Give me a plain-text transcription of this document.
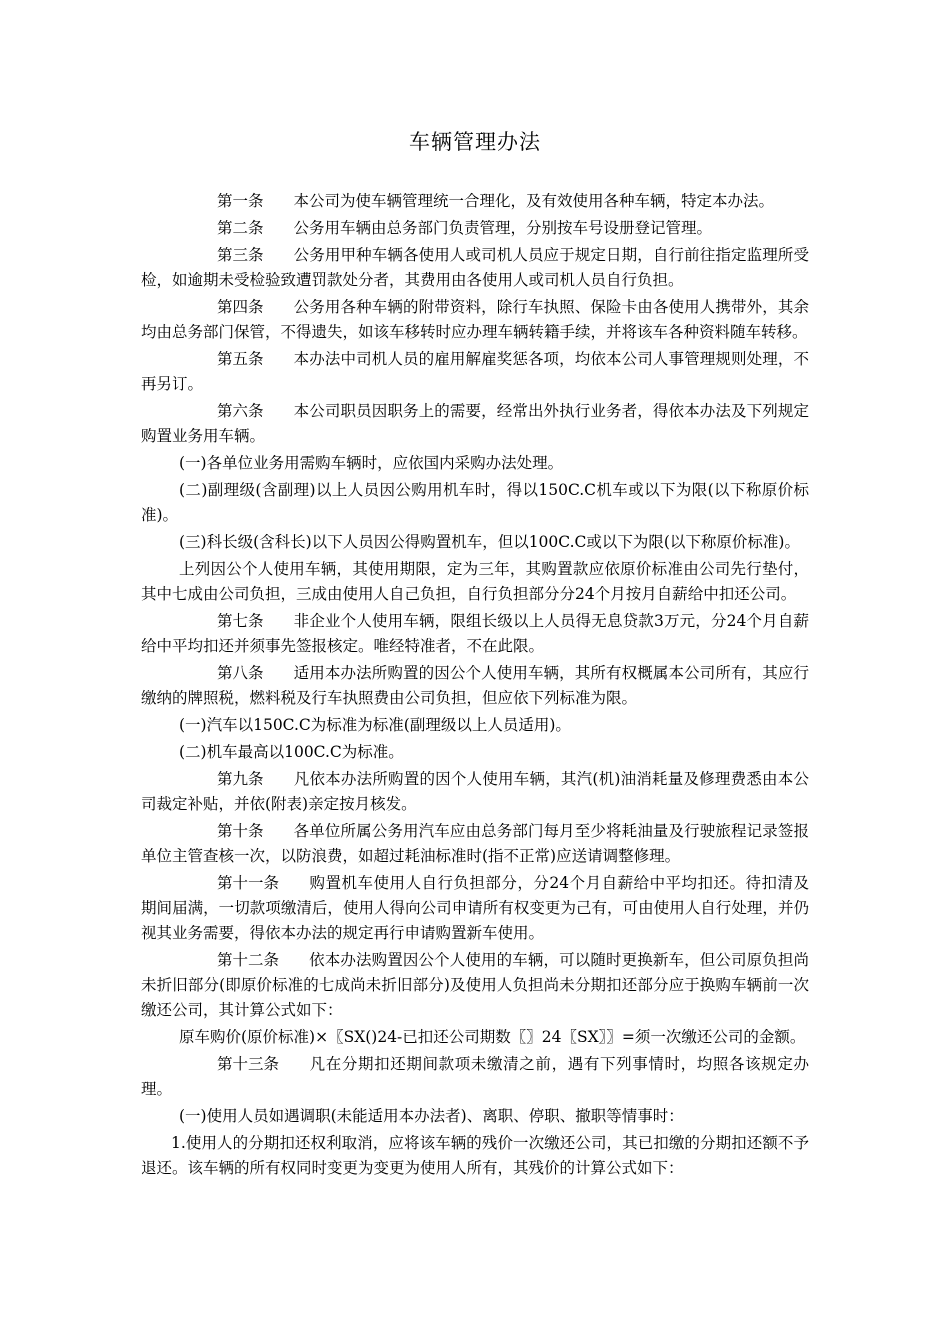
车辆管理办法

第一条 本公司为使车辆管理统一合理化，及有效使用各种车辆，特定本办法。

第二条 公务用车辆由总务部门负责管理，分别按车号设册登记管理。

第三条 公务用甲种车辆各使用人或司机人员应于规定日期，自行前往指定监理所受检，如逾期未受检验致遭罚款处分者，其费用由各使用人或司机人员自行负担。

第四条 公务用各种车辆的附带资料，除行车执照、保险卡由各使用人携带外，其余均由总务部门保管，不得遗失，如该车移转时应办理车辆转籍手续，并将该车各种资料随车转移。

第五条 本办法中司机人员的雇用解雇奖惩各项，均依本公司人事管理规则处理，不再另订。

第六条 本公司职员因职务上的需要，经常出外执行业务者，得依本办法及下列规定购置业务用车辆。

(一)各单位业务用需购车辆时，应依国内采购办法处理。

(二)副理级(含副理)以上人员因公购用机车时，得以150C.C机车或以下为限(以下称原价标准)。

(三)科长级(含科长)以下人员因公得购置机车，但以100C.C或以下为限(以下称原价标准)。

上列因公个人使用车辆，其使用期限，定为三年，其购置款应依原价标准由公司先行垫付，其中七成由公司负担，三成由使用人自己负担，自行负担部分分24个月按月自薪给中扣还公司。

第七条 非企业个人使用车辆，限组长级以上人员得无息贷款3万元，分24个月自薪给中平均扣还并须事先签报核定。唯经特准者，不在此限。

第八条 适用本办法所购置的因公个人使用车辆，其所有权概属本公司所有，其应行缴纳的牌照税，燃料税及行车执照费由公司负担，但应依下列标准为限。

(一)汽车以150C.C为标准为标准(副理级以上人员适用)。

(二)机车最高以100C.C为标准。

第九条 凡依本办法所购置的因个人使用车辆，其汽(机)油消耗量及修理费悉由本公司裁定补贴，并依(附表)亲定按月核发。

第十条 各单位所属公务用汽车应由总务部门每月至少将耗油量及行驶旅程记录签报单位主管查核一次，以防浪费，如超过耗油标准时(指不正常)应送请调整修理。

第十一条 购置机车使用人自行负担部分，分24个月自薪给中平均扣还。待扣清及期间届满，一切款项缴清后，使用人得向公司申请所有权变更为己有，可由使用人自行处理，并仍视其业务需要，得依本办法的规定再行申请购置新车使用。

第十二条 依本办法购置因公个人使用的车辆，可以随时更换新车，但公司原负担尚未折旧部分(即原价标准的七成尚未折旧部分)及使用人负担尚未分期扣还部分应于换购车辆前一次缴还公司，其计算公式如下：

原车购价(原价标准)×〖SX()24-已扣还公司期数〖〗24〖SX〗〗=须一次缴还公司的金额。

第十三条 凡在分期扣还期间款项未缴清之前，遇有下列事情时，均照各该规定办理。

(一)使用人员如遇调职(未能适用本办法者)、离职、停职、撤职等情事时：

1.使用人的分期扣还权利取消，应将该车辆的残价一次缴还公司，其已扣缴的分期扣还额不予退还。该车辆的所有权同时变更为变更为使用人所有，其残价的计算公式如下：
